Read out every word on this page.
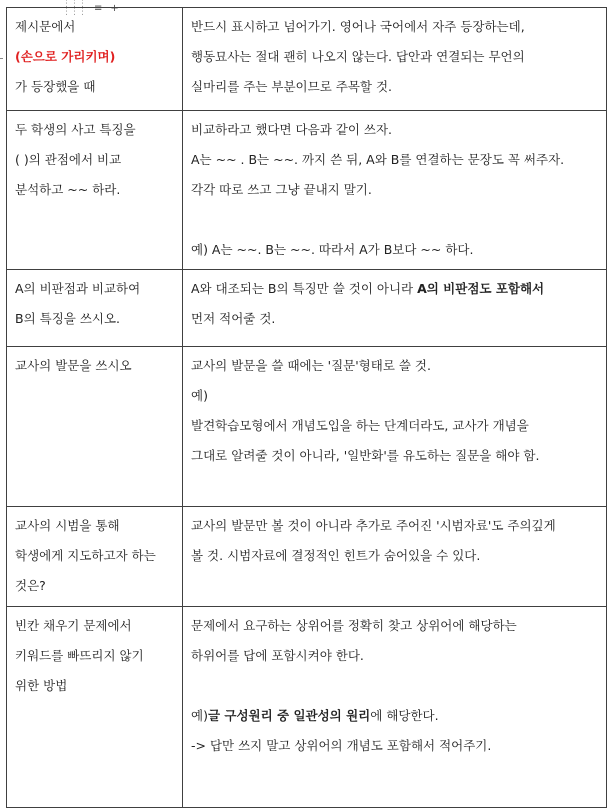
⋮⋮⋮
⋮⋮⋮ ≡ +
제시문에서
(손으로 가리키며)
가 등장했을 때	반드시 표시하고 넘어가기. 영어나 국어에서 자주 등장하는데,
행동묘사는 절대 괜히 나오지 않는다. 답안과 연결되는 무언의
실마리를 주는 부분이므로 주목할 것.

두 학생의 사고 특징을
( )의 관점에서 비교
분석하고 ~~ 하라.	비교하라고 했다면 다음과 같이 쓰자.
A는 ~~ . B는 ~~. 까지 쓴 뒤, A와 B를 연결하는 문장도 꼭 써주자.
각각 따로 쓰고 그냥 끝내지 말기.
예) A는 ~~. B는 ~~. 따라서 A가 B보다 ~~ 하다.

A의 비판점과 비교하여
B의 특징을 쓰시오.	A와 대조되는 B의 특징만 쓸 것이 아니라 A의 비판점도 포함해서
먼저 적어줄 것.

교사의 발문을 쓰시오	교사의 발문을 쓸 때에는 '질문'형태로 쓸 것.
예)
발견학습모형에서 개념도입을 하는 단계더라도, 교사가 개념을
그대로 알려줄 것이 아니라, '일반화'를 유도하는 질문을 해야 함.

교사의 시범을 통해
학생에게 지도하고자 하는
것은?	교사의 발문만 볼 것이 아니라 추가로 주어진 '시범자료'도 주의깊게
볼 것. 시범자료에 결정적인 힌트가 숨어있을 수 있다.

빈칸 채우기 문제에서
키워드를 빠뜨리지 않기
위한 방법	문제에서 요구하는 상위어를 정확히 찾고 상위어에 해당하는
하위어를 답에 포함시켜야 한다.
예)글 구성원리 중 일관성의 원리에 해당한다.
-> 답만 쓰지 말고 상위어의 개념도 포함해서 적어주기.
